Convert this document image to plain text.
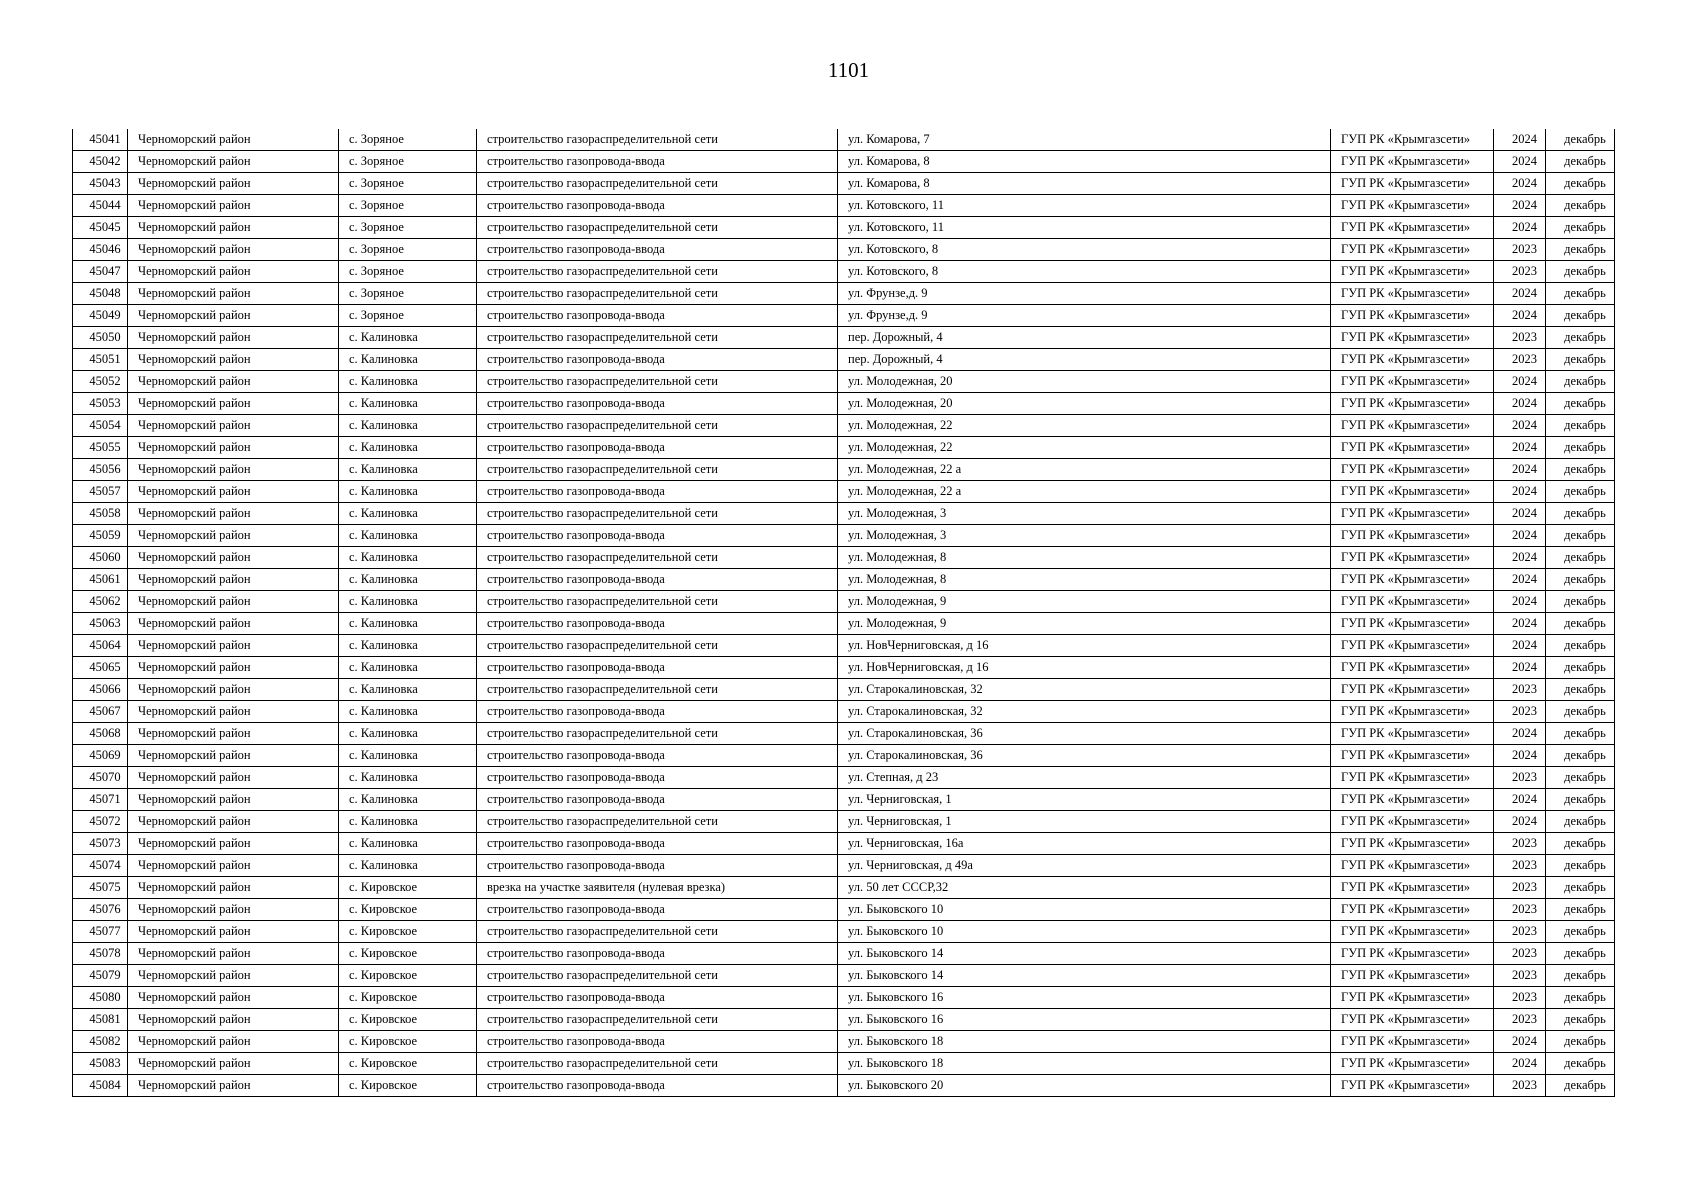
1101
45041	Черноморский район	с. Зоряное	строительство газораспределительной сети	ул. Комарова, 7	ГУП РК «Крымгазсети»	2024	декабрь
45042	Черноморский район	с. Зоряное	строительство газопровода-ввода	ул. Комарова, 8	ГУП РК «Крымгазсети»	2024	декабрь
45043	Черноморский район	с. Зоряное	строительство газораспределительной сети	ул. Комарова, 8	ГУП РК «Крымгазсети»	2024	декабрь
45044	Черноморский район	с. Зоряное	строительство газопровода-ввода	ул. Котовского, 11	ГУП РК «Крымгазсети»	2024	декабрь
45045	Черноморский район	с. Зоряное	строительство газораспределительной сети	ул. Котовского, 11	ГУП РК «Крымгазсети»	2024	декабрь
45046	Черноморский район	с. Зоряное	строительство газопровода-ввода	ул. Котовского, 8	ГУП РК «Крымгазсети»	2023	декабрь
45047	Черноморский район	с. Зоряное	строительство газораспределительной сети	ул. Котовского, 8	ГУП РК «Крымгазсети»	2023	декабрь
45048	Черноморский район	с. Зоряное	строительство газораспределительной сети	ул. Фрунзе,д. 9	ГУП РК «Крымгазсети»	2024	декабрь
45049	Черноморский район	с. Зоряное	строительство газопровода-ввода	ул. Фрунзе,д. 9	ГУП РК «Крымгазсети»	2024	декабрь
45050	Черноморский район	с. Калиновка	строительство газораспределительной сети	пер. Дорожный, 4	ГУП РК «Крымгазсети»	2023	декабрь
45051	Черноморский район	с. Калиновка	строительство газопровода-ввода	пер. Дорожный, 4	ГУП РК «Крымгазсети»	2023	декабрь
45052	Черноморский район	с. Калиновка	строительство газораспределительной сети	ул. Молодежная, 20	ГУП РК «Крымгазсети»	2024	декабрь
45053	Черноморский район	с. Калиновка	строительство газопровода-ввода	ул. Молодежная, 20	ГУП РК «Крымгазсети»	2024	декабрь
45054	Черноморский район	с. Калиновка	строительство газораспределительной сети	ул. Молодежная, 22	ГУП РК «Крымгазсети»	2024	декабрь
45055	Черноморский район	с. Калиновка	строительство газопровода-ввода	ул. Молодежная, 22	ГУП РК «Крымгазсети»	2024	декабрь
45056	Черноморский район	с. Калиновка	строительство газораспределительной сети	ул. Молодежная, 22 а	ГУП РК «Крымгазсети»	2024	декабрь
45057	Черноморский район	с. Калиновка	строительство газопровода-ввода	ул. Молодежная, 22 а	ГУП РК «Крымгазсети»	2024	декабрь
45058	Черноморский район	с. Калиновка	строительство газораспределительной сети	ул. Молодежная, 3	ГУП РК «Крымгазсети»	2024	декабрь
45059	Черноморский район	с. Калиновка	строительство газопровода-ввода	ул. Молодежная, 3	ГУП РК «Крымгазсети»	2024	декабрь
45060	Черноморский район	с. Калиновка	строительство газораспределительной сети	ул. Молодежная, 8	ГУП РК «Крымгазсети»	2024	декабрь
45061	Черноморский район	с. Калиновка	строительство газопровода-ввода	ул. Молодежная, 8	ГУП РК «Крымгазсети»	2024	декабрь
45062	Черноморский район	с. Калиновка	строительство газораспределительной сети	ул. Молодежная, 9	ГУП РК «Крымгазсети»	2024	декабрь
45063	Черноморский район	с. Калиновка	строительство газопровода-ввода	ул. Молодежная, 9	ГУП РК «Крымгазсети»	2024	декабрь
45064	Черноморский район	с. Калиновка	строительство газораспределительной сети	ул. НовЧерниговская, д 16	ГУП РК «Крымгазсети»	2024	декабрь
45065	Черноморский район	с. Калиновка	строительство газопровода-ввода	ул. НовЧерниговская, д 16	ГУП РК «Крымгазсети»	2024	декабрь
45066	Черноморский район	с. Калиновка	строительство газораспределительной сети	ул. Старокалиновская, 32	ГУП РК «Крымгазсети»	2023	декабрь
45067	Черноморский район	с. Калиновка	строительство газопровода-ввода	ул. Старокалиновская, 32	ГУП РК «Крымгазсети»	2023	декабрь
45068	Черноморский район	с. Калиновка	строительство газораспределительной сети	ул. Старокалиновская, 36	ГУП РК «Крымгазсети»	2024	декабрь
45069	Черноморский район	с. Калиновка	строительство газопровода-ввода	ул. Старокалиновская, 36	ГУП РК «Крымгазсети»	2024	декабрь
45070	Черноморский район	с. Калиновка	строительство газопровода-ввода	ул. Степная, д 23	ГУП РК «Крымгазсети»	2023	декабрь
45071	Черноморский район	с. Калиновка	строительство газопровода-ввода	ул. Черниговская, 1	ГУП РК «Крымгазсети»	2024	декабрь
45072	Черноморский район	с. Калиновка	строительство газораспределительной сети	ул. Черниговская, 1	ГУП РК «Крымгазсети»	2024	декабрь
45073	Черноморский район	с. Калиновка	строительство газопровода-ввода	ул. Черниговская, 16а	ГУП РК «Крымгазсети»	2023	декабрь
45074	Черноморский район	с. Калиновка	строительство газопровода-ввода	ул. Черниговская, д 49а	ГУП РК «Крымгазсети»	2023	декабрь
45075	Черноморский район	с. Кировское	врезка на участке заявителя (нулевая врезка)	ул. 50 лет СССР,32	ГУП РК «Крымгазсети»	2023	декабрь
45076	Черноморский район	с. Кировское	строительство газопровода-ввода	ул. Быковского 10	ГУП РК «Крымгазсети»	2023	декабрь
45077	Черноморский район	с. Кировское	строительство газораспределительной сети	ул. Быковского 10	ГУП РК «Крымгазсети»	2023	декабрь
45078	Черноморский район	с. Кировское	строительство газопровода-ввода	ул. Быковского 14	ГУП РК «Крымгазсети»	2023	декабрь
45079	Черноморский район	с. Кировское	строительство газораспределительной сети	ул. Быковского 14	ГУП РК «Крымгазсети»	2023	декабрь
45080	Черноморский район	с. Кировское	строительство газопровода-ввода	ул. Быковского 16	ГУП РК «Крымгазсети»	2023	декабрь
45081	Черноморский район	с. Кировское	строительство газораспределительной сети	ул. Быковского 16	ГУП РК «Крымгазсети»	2023	декабрь
45082	Черноморский район	с. Кировское	строительство газопровода-ввода	ул. Быковского 18	ГУП РК «Крымгазсети»	2024	декабрь
45083	Черноморский район	с. Кировское	строительство газораспределительной сети	ул. Быковского 18	ГУП РК «Крымгазсети»	2024	декабрь
45084	Черноморский район	с. Кировское	строительство газопровода-ввода	ул. Быковского 20	ГУП РК «Крымгазсети»	2023	декабрь
